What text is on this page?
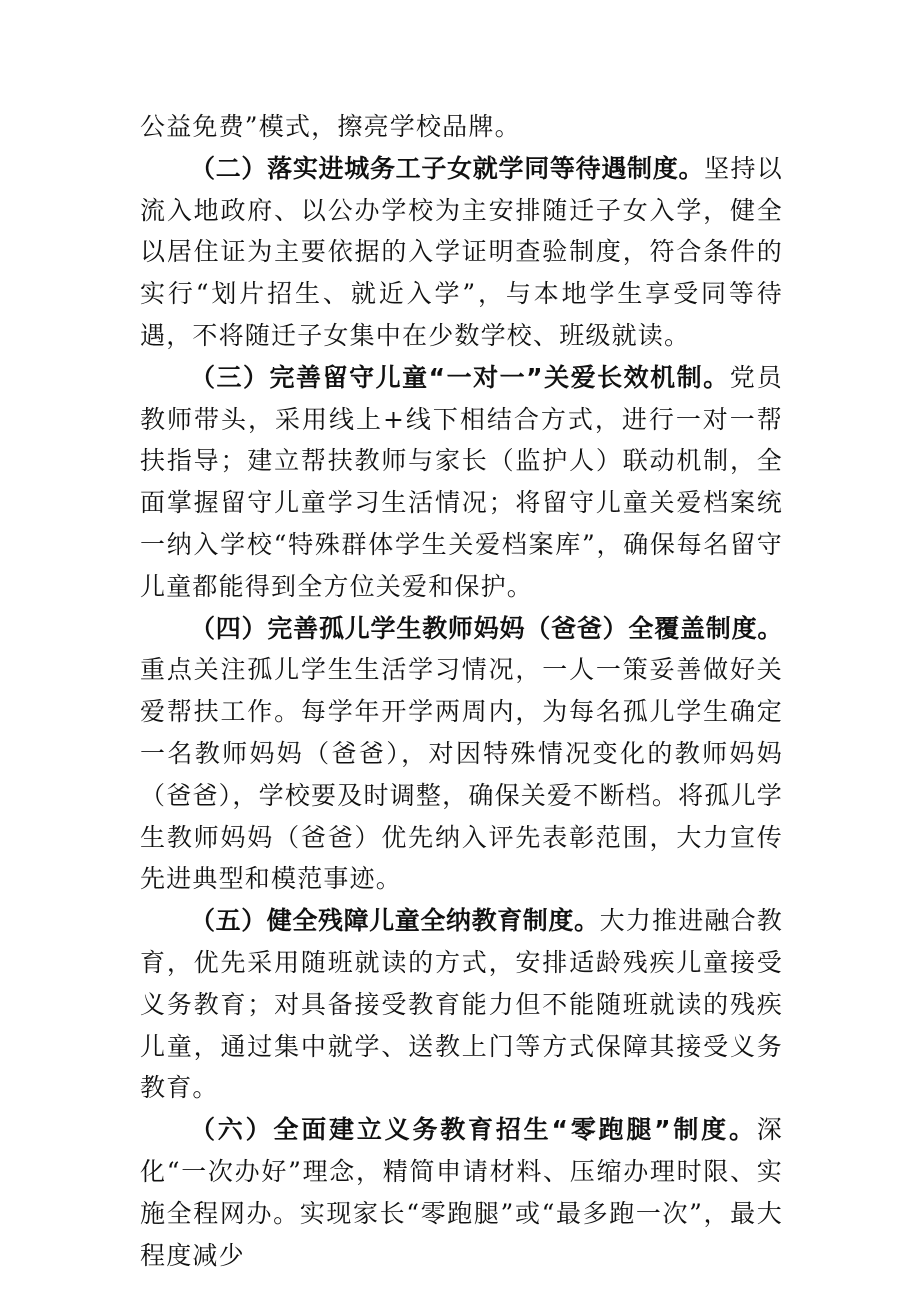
公益免费”模式，擦亮学校品牌。

（二）落实进城务工子女就学同等待遇制度。坚持以流入地政府、以公办学校为主安排随迁子女入学，健全以居住证为主要依据的入学证明查验制度，符合条件的实行“划片招生、就近入学”，与本地学生享受同等待遇，不将随迁子女集中在少数学校、班级就读。

（三）完善留守儿童“一对一”关爱长效机制。党员教师带头，采用线上+线下相结合方式，进行一对一帮扶指导；建立帮扶教师与家长（监护人）联动机制，全面掌握留守儿童学习生活情况；将留守儿童关爱档案统一纳入学校“特殊群体学生关爱档案库”，确保每名留守儿童都能得到全方位关爱和保护。

（四）完善孤儿学生教师妈妈（爸爸）全覆盖制度。重点关注孤儿学生生活学习情况，一人一策妥善做好关爱帮扶工作。每学年开学两周内，为每名孤儿学生确定一名教师妈妈（爸爸），对因特殊情况变化的教师妈妈（爸爸），学校要及时调整，确保关爱不断档。将孤儿学生教师妈妈（爸爸）优先纳入评先表彰范围，大力宣传先进典型和模范事迹。

（五）健全残障儿童全纳教育制度。大力推进融合教育，优先采用随班就读的方式，安排适龄残疾儿童接受义务教育；对具备接受教育能力但不能随班就读的残疾儿童，通过集中就学、送教上门等方式保障其接受义务教育。

（六）全面建立义务教育招生“零跑腿”制度。深化“一次办好”理念，精简申请材料、压缩办理时限、实施全程网办。实现家长“零跑腿”或“最多跑一次”，最大程度减少
